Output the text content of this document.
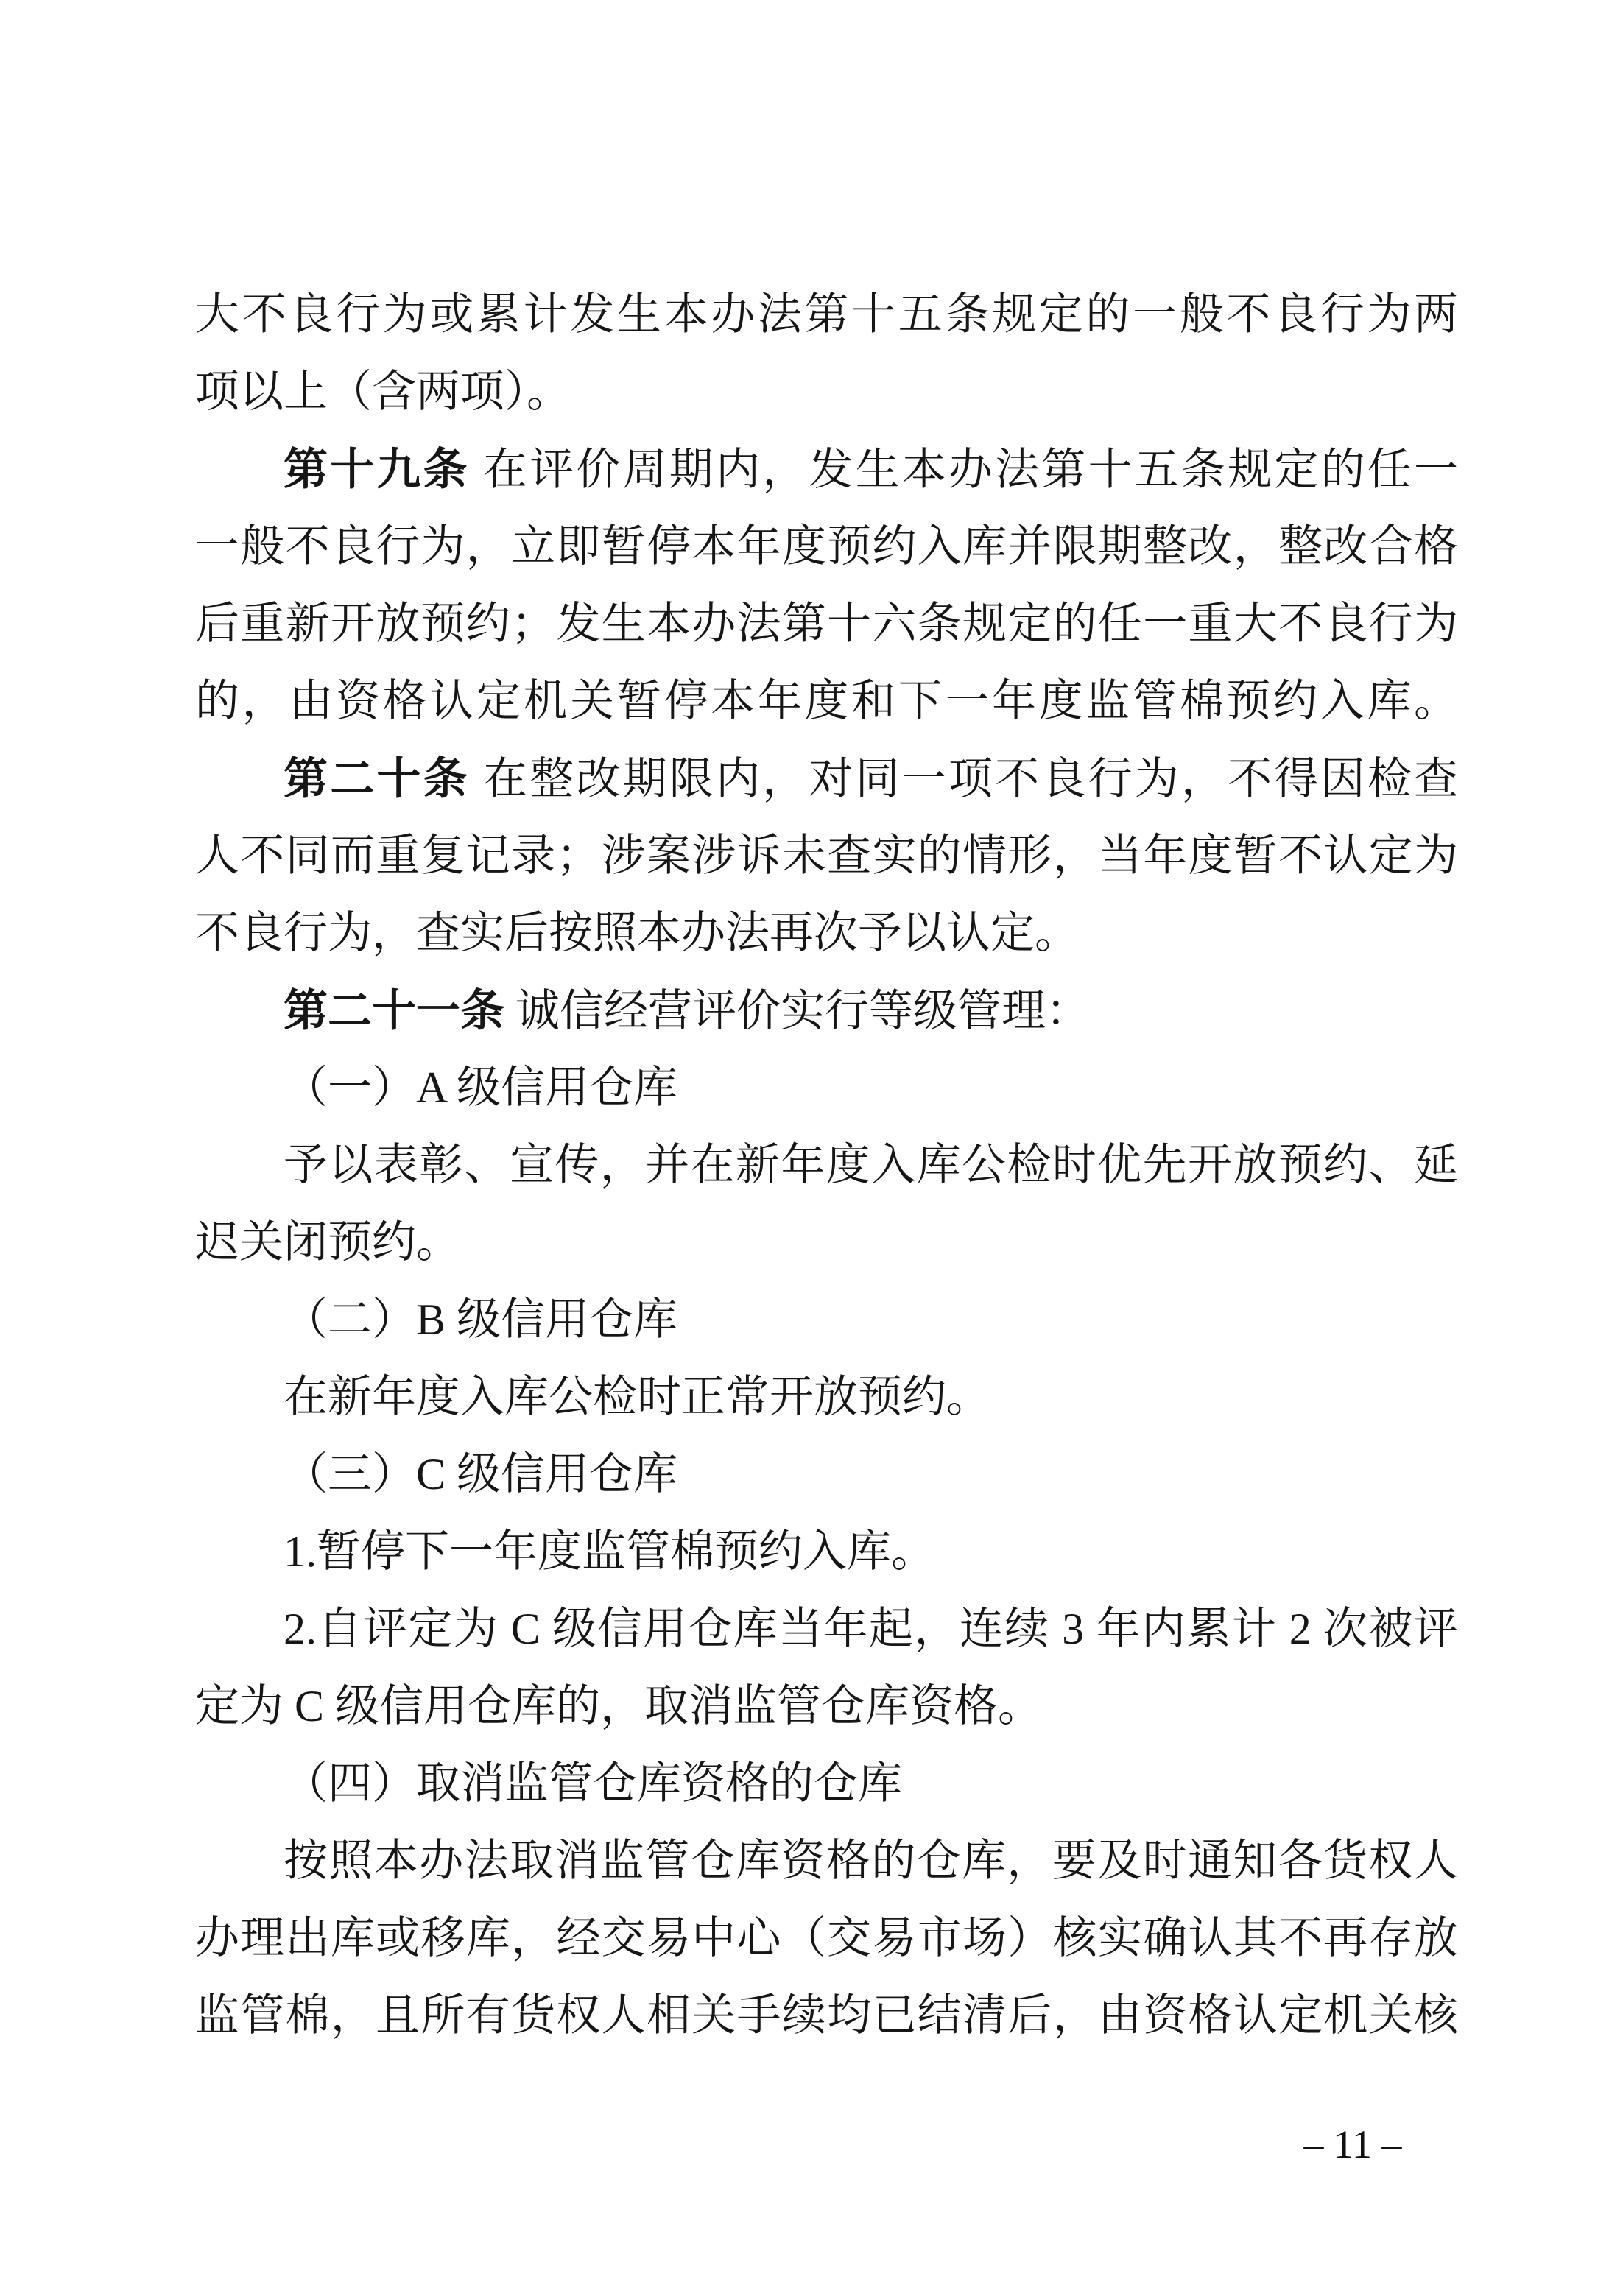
大不良行为或累计发生本办法第十五条规定的一般不良行为两
项以上（含两项）。
第十九条 在评价周期内，发生本办法第十五条规定的任一
一般不良行为，立即暂停本年度预约入库并限期整改，整改合格
后重新开放预约；发生本办法第十六条规定的任一重大不良行为
的，由资格认定机关暂停本年度和下一年度监管棉预约入库。
第二十条 在整改期限内，对同一项不良行为，不得因检查
人不同而重复记录；涉案涉诉未查实的情形，当年度暂不认定为
不良行为，查实后按照本办法再次予以认定。
第二十一条 诚信经营评价实行等级管理：
（一）A 级信用仓库
予以表彰、宣传，并在新年度入库公检时优先开放预约、延
迟关闭预约。
（二）B 级信用仓库
在新年度入库公检时正常开放预约。
（三）C 级信用仓库
1.暂停下一年度监管棉预约入库。
2.自评定为 C 级信用仓库当年起，连续 3 年内累计 2 次被评
定为 C 级信用仓库的，取消监管仓库资格。
（四）取消监管仓库资格的仓库
按照本办法取消监管仓库资格的仓库，要及时通知各货权人
办理出库或移库，经交易中心（交易市场）核实确认其不再存放
监管棉，且所有货权人相关手续均已结清后，由资格认定机关核
– 11 –
